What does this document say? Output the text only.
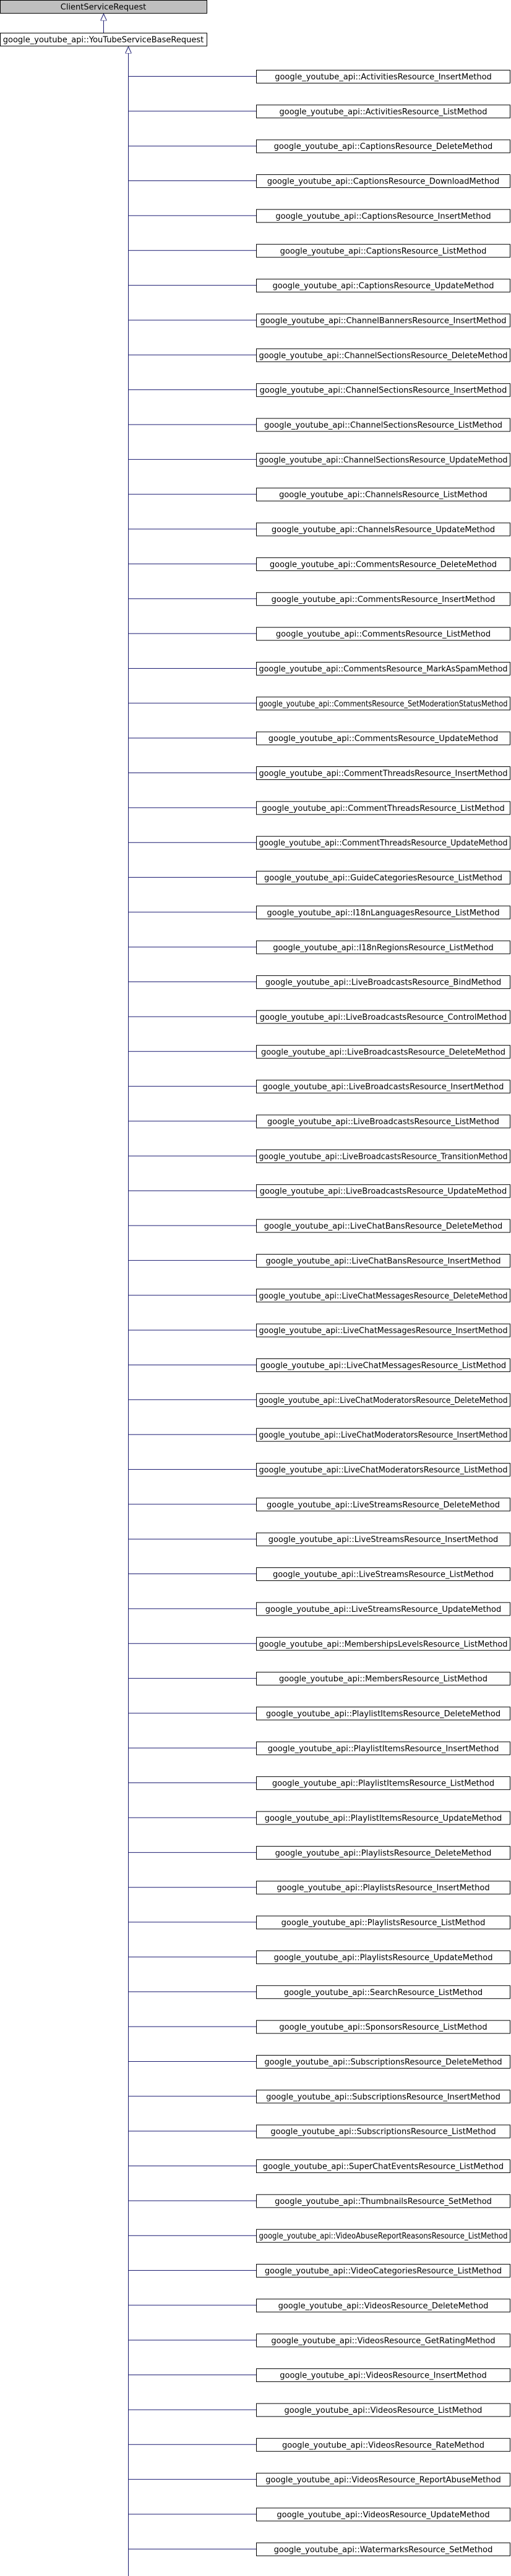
ClientServiceRequest
google_youtube_api::YouTubeServiceBaseRequest
google_youtube_api::ActivitiesResource_InsertMethod
google_youtube_api::ActivitiesResource_ListMethod
google_youtube_api::CaptionsResource_DeleteMethod
google_youtube_api::CaptionsResource_DownloadMethod
google_youtube_api::CaptionsResource_InsertMethod
google_youtube_api::CaptionsResource_ListMethod
google_youtube_api::CaptionsResource_UpdateMethod
google_youtube_api::ChannelBannersResource_InsertMethod
google_youtube_api::ChannelSectionsResource_DeleteMethod
google_youtube_api::ChannelSectionsResource_InsertMethod
google_youtube_api::ChannelSectionsResource_ListMethod
google_youtube_api::ChannelSectionsResource_UpdateMethod
google_youtube_api::ChannelsResource_ListMethod
google_youtube_api::ChannelsResource_UpdateMethod
google_youtube_api::CommentsResource_DeleteMethod
google_youtube_api::CommentsResource_InsertMethod
google_youtube_api::CommentsResource_ListMethod
google_youtube_api::CommentsResource_MarkAsSpamMethod
google_youtube_api::CommentsResource_SetModerationStatusMethod
google_youtube_api::CommentsResource_UpdateMethod
google_youtube_api::CommentThreadsResource_InsertMethod
google_youtube_api::CommentThreadsResource_ListMethod
google_youtube_api::CommentThreadsResource_UpdateMethod
google_youtube_api::GuideCategoriesResource_ListMethod
google_youtube_api::I18nLanguagesResource_ListMethod
google_youtube_api::I18nRegionsResource_ListMethod
google_youtube_api::LiveBroadcastsResource_BindMethod
google_youtube_api::LiveBroadcastsResource_ControlMethod
google_youtube_api::LiveBroadcastsResource_DeleteMethod
google_youtube_api::LiveBroadcastsResource_InsertMethod
google_youtube_api::LiveBroadcastsResource_ListMethod
google_youtube_api::LiveBroadcastsResource_TransitionMethod
google_youtube_api::LiveBroadcastsResource_UpdateMethod
google_youtube_api::LiveChatBansResource_DeleteMethod
google_youtube_api::LiveChatBansResource_InsertMethod
google_youtube_api::LiveChatMessagesResource_DeleteMethod
google_youtube_api::LiveChatMessagesResource_InsertMethod
google_youtube_api::LiveChatMessagesResource_ListMethod
google_youtube_api::LiveChatModeratorsResource_DeleteMethod
google_youtube_api::LiveChatModeratorsResource_InsertMethod
google_youtube_api::LiveChatModeratorsResource_ListMethod
google_youtube_api::LiveStreamsResource_DeleteMethod
google_youtube_api::LiveStreamsResource_InsertMethod
google_youtube_api::LiveStreamsResource_ListMethod
google_youtube_api::LiveStreamsResource_UpdateMethod
google_youtube_api::MembershipsLevelsResource_ListMethod
google_youtube_api::MembersResource_ListMethod
google_youtube_api::PlaylistItemsResource_DeleteMethod
google_youtube_api::PlaylistItemsResource_InsertMethod
google_youtube_api::PlaylistItemsResource_ListMethod
google_youtube_api::PlaylistItemsResource_UpdateMethod
google_youtube_api::PlaylistsResource_DeleteMethod
google_youtube_api::PlaylistsResource_InsertMethod
google_youtube_api::PlaylistsResource_ListMethod
google_youtube_api::PlaylistsResource_UpdateMethod
google_youtube_api::SearchResource_ListMethod
google_youtube_api::SponsorsResource_ListMethod
google_youtube_api::SubscriptionsResource_DeleteMethod
google_youtube_api::SubscriptionsResource_InsertMethod
google_youtube_api::SubscriptionsResource_ListMethod
google_youtube_api::SuperChatEventsResource_ListMethod
google_youtube_api::ThumbnailsResource_SetMethod
google_youtube_api::VideoAbuseReportReasonsResource_ListMethod
google_youtube_api::VideoCategoriesResource_ListMethod
google_youtube_api::VideosResource_DeleteMethod
google_youtube_api::VideosResource_GetRatingMethod
google_youtube_api::VideosResource_InsertMethod
google_youtube_api::VideosResource_ListMethod
google_youtube_api::VideosResource_RateMethod
google_youtube_api::VideosResource_ReportAbuseMethod
google_youtube_api::VideosResource_UpdateMethod
google_youtube_api::WatermarksResource_SetMethod
